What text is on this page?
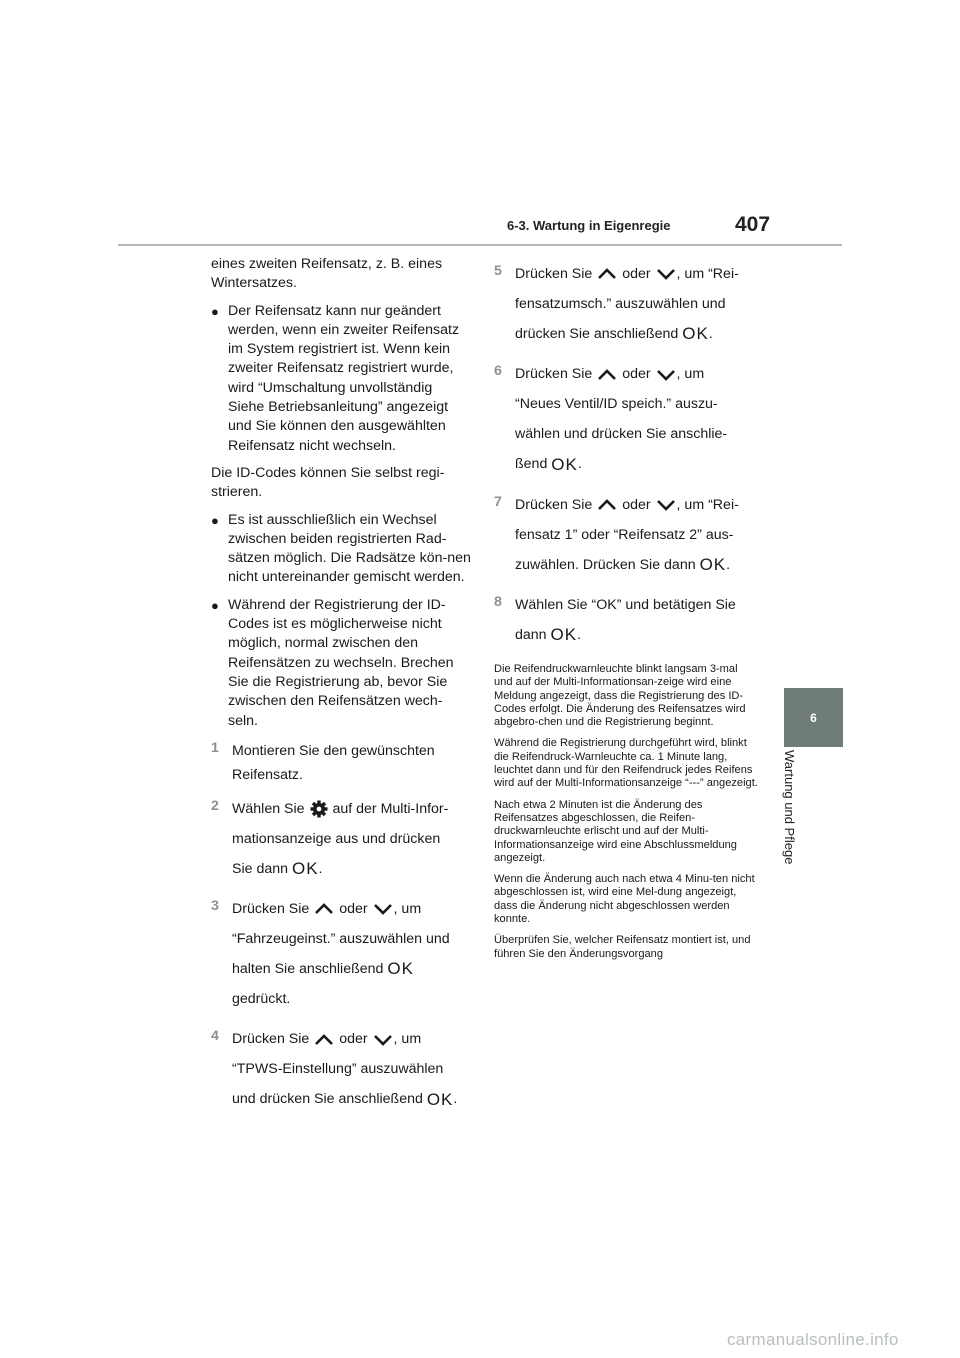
6-3. Wartung in Eigenregie	407
6
Wartung und Pflege

eines zweiten Reifensatz, z. B. eines Wintersatzes.

● Der Reifensatz kann nur geändert werden, wenn ein zweiter Reifensatz im System registriert ist. Wenn kein zweiter Reifensatz registriert wurde, wird “Umschaltung unvollständig Siehe Betriebsanleitung” angezeigt und Sie können den ausgewählten Reifensatz nicht wechseln.

Die ID-Codes können Sie selbst regi-strieren.

● Es ist ausschließlich ein Wechsel zwischen beiden registrierten Rad-sätzen möglich. Die Radsätze kön-nen nicht untereinander gemischt werden.
● Während der Registrierung der ID-Codes ist es möglicherweise nicht möglich, normal zwischen den Reifensätzen zu wechseln. Brechen Sie die Registrierung ab, bevor Sie zwischen den Reifensätzen wech-seln.
1 Montieren Sie den gewünschten Reifensatz.
2 Wählen Sie auf der Multi-Infor-
mationsanzeige aus und drücken
Sie dann OK.
3 Drücken Sie oder , um
“Fahrzeugeinst.” auszuwählen und
halten Sie anschließend OK
gedrückt.
4 Drücken Sie oder , um
“TPWS-Einstellung” auszuwählen
und drücken Sie anschließend OK.
5 Drücken Sie oder , um “Rei-
fensatzumsch.” auszuwählen und
drücken Sie anschließend OK.
6 Drücken Sie oder , um
“Neues Ventil/ID speich.” auszu-
wählen und drücken Sie anschlie-
ßend OK.
7 Drücken Sie oder , um “Rei-
fensatz 1” oder “Reifensatz 2” aus-
zuwählen. Drücken Sie dann OK.
8 Wählen Sie “OK” und betätigen Sie
dann OK.

Die Reifendruckwarnleuchte blinkt langsam 3-mal und auf der Multi-Informationsan-zeige wird eine Meldung angezeigt, dass die Registrierung des ID-Codes erfolgt. Die Änderung des Reifensatzes wird abgebro-chen und die Registrierung beginnt.

Während die Registrierung durchgeführt wird, blinkt die Reifendruck-Warnleuchte ca. 1 Minute lang, leuchtet dann und für den Reifendruck jedes Reifens wird auf der Multi-Informationsanzeige “---” angezeigt.

Nach etwa 2 Minuten ist die Änderung des Reifensatzes abgeschlossen, die Reifen-druckwarnleuchte erlischt und auf der Multi-Informationsanzeige wird eine Abschlussmeldung angezeigt.

Wenn die Änderung auch nach etwa 4 Minu-ten nicht abgeschlossen ist, wird eine Mel-dung angezeigt, dass die Änderung nicht abgeschlossen werden konnte.

Überprüfen Sie, welcher Reifensatz montiert ist, und führen Sie den Änderungsvorgang

carmanualsonline.info
